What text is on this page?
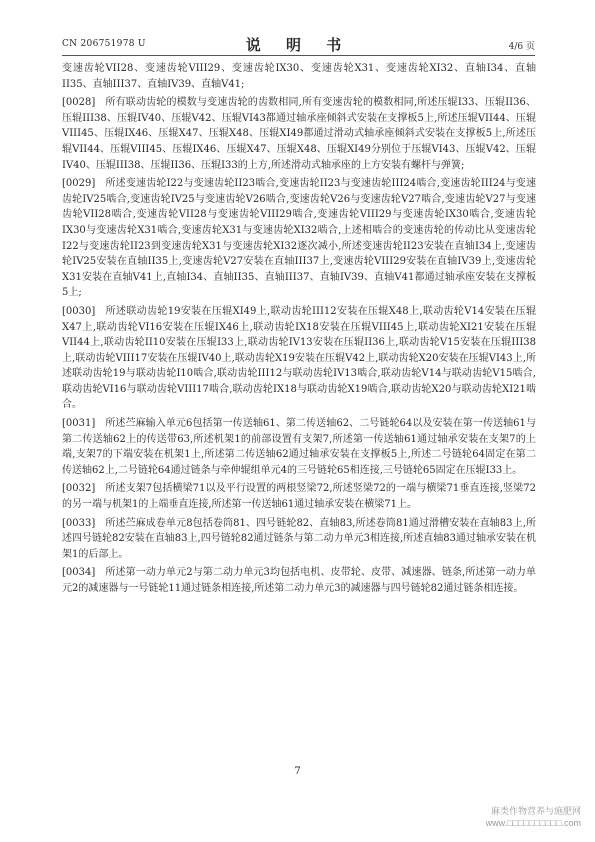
CN 206751978 U	说 明 书	4/6 页

变速齿轮VII28、变速齿轮VIII29、变速齿轮IX30、变速齿轮X31、变速齿轮XI32、直轴I34、直轴II35、直轴III37、直轴IV39、直轴V41;

[0028] 所有联动齿轮的模数与变速齿轮的齿数相同,所有变速齿轮的模数相同,所述压辊I33、压辊II36、压辊III38、压辊IV40、压辊V42、压辊VI43都通过轴承座倾斜式安装在支撑板5上,所述压辊VII44、压辊VIII45、压辊IX46、压辊X47、压辊X48、压辊XI49都通过滑动式轴承座倾斜式安装在支撑板5上,所述压辊VII44、压辊VIII45、压辊IX46、压辊X47、压辊X48、压辊XI49分别位于压辊VI43、压辊V42、压辊IV40、压辊III38、压辊II36、压辊I33的上方,所述滑动式轴承座的上方安装有螺杆与弹簧;

[0029] 所述变速齿轮I22与变速齿轮II23啮合,变速齿轮II23与变速齿轮III24啮合,变速齿轮III24与变速齿轮IV25啮合,变速齿轮IV25与变速齿轮V26啮合,变速齿轮V26与变速齿轮V27啮合,变速齿轮V27与变速齿轮VII28啮合,变速齿轮VII28与变速齿轮VIII29啮合,变速齿轮VIII29与变速齿轮IX30啮合,变速齿轮IX30与变速齿轮X31啮合,变速齿轮X31与变速齿轮XI32啮合,上述相啮合的变速齿轮的传动比从变速齿轮I22与变速齿轮II23到变速齿轮X31与变速齿轮XI32逐次减小,所述变速齿轮II23安装在直轴I34上,变速齿轮IV25安装在直轴II35上,变速齿轮V27安装在直轴III37上,变速齿轮VIII29安装在直轴IV39上,变速齿轮X31安装在直轴V41上,直轴I34、直轴II35、直轴III37、直轴IV39、直轴V41都通过轴承座安装在支撑板5上;

[0030] 所述联动齿轮19安装在压辊XI49上,联动齿轮III12安装在压辊X48上,联动齿轮V14安装在压辊X47上,联动齿轮VI16安装在压辊IX46上,联动齿轮IX18安装在压辊VIII45上,联动齿轮XI21安装在压辊VII44上,联动齿轮II10安装在压辊I33上,联动齿轮IV13安装在压辊II36上,联动齿轮V15安装在压辊III38上,联动齿轮VIII17安装在压辊IV40上,联动齿轮X19安装在压辊V42上,联动齿轮X20安装在压辊VI43上,所述联动齿轮19与联动齿轮I10啮合,联动齿轮III12与联动齿轮IV13啮合,联动齿轮V14与联动齿轮V15啮合,联动齿轮VI16与联动齿轮VIII17啮合,联动齿轮IX18与联动齿轮X19啮合,联动齿轮X20与联动齿轮XI21啮合。

[0031] 所述苎麻输入单元6包括第一传送轴61、第二传送轴62、二号链轮64以及安装在第一传送轴61与第二传送轴62上的传送带63,所述机架1的前部设置有支架7,所述第一传送轴61通过轴承安装在支架7的上端,支架7的下端安装在机架1上,所述第二传送轴62通过轴承安装在支撑板5上,所述二号链轮64固定在第二传送轴62上,二号链轮64通过链条与牵伸辊组单元4的三号链轮65相连接,三号链轮65固定在压辊I33上。

[0032] 所述支架7包括横梁71以及平行设置的两根竖梁72,所述竖梁72的一端与横梁71垂直连接,竖梁72的另一端与机架1的上端垂直连接,所述第一传送轴61通过轴承安装在横梁71上。

[0033] 所述苎麻成卷单元8包括卷筒81、四号链轮82、直轴83,所述卷筒81通过滑槽安装在直轴83上,所述四号链轮82安装在直轴83上,四号链轮82通过链条与第二动力单元3相连接,所述直轴83通过轴承安装在机架1的后部上。

[0034] 所述第一动力单元2与第二动力单元3均包括电机、皮带轮、皮带、减速器、链条,所述第一动力单元2的减速器与一号链轮11通过链条相连接,所述第二动力单元3的减速器与四号链轮82通过链条相连接。

7
麻类作物营养与施肥网
www.□□□□□□□□□□.com
